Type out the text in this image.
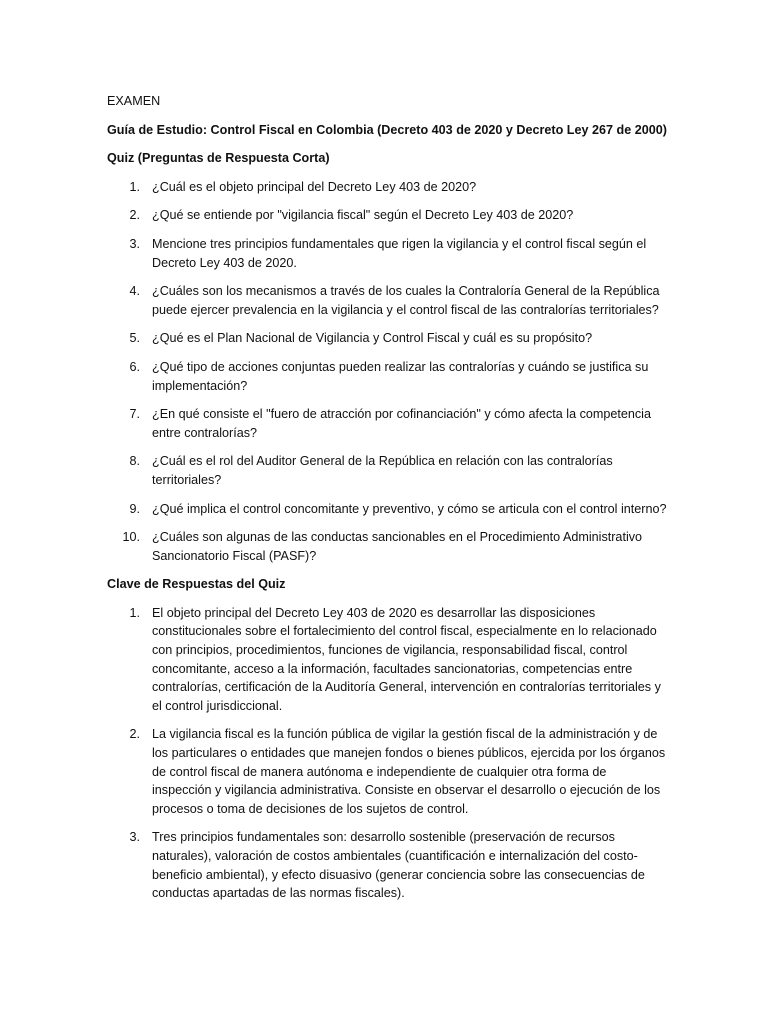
EXAMEN

Guía de Estudio: Control Fiscal en Colombia (Decreto 403 de 2020 y Decreto Ley 267 de 2000)

Quiz (Preguntas de Respuesta Corta)

1. ¿Cuál es el objeto principal del Decreto Ley 403 de 2020?
2. ¿Qué se entiende por "vigilancia fiscal" según el Decreto Ley 403 de 2020?
3. Mencione tres principios fundamentales que rigen la vigilancia y el control fiscal según el Decreto Ley 403 de 2020.
4. ¿Cuáles son los mecanismos a través de los cuales la Contraloría General de la República puede ejercer prevalencia en la vigilancia y el control fiscal de las contralorías territoriales?
5. ¿Qué es el Plan Nacional de Vigilancia y Control Fiscal y cuál es su propósito?
6. ¿Qué tipo de acciones conjuntas pueden realizar las contralorías y cuándo se justifica su implementación?
7. ¿En qué consiste el "fuero de atracción por cofinanciación" y cómo afecta la competencia entre contralorías?
8. ¿Cuál es el rol del Auditor General de la República en relación con las contralorías territoriales?
9. ¿Qué implica el control concomitante y preventivo, y cómo se articula con el control interno?
10. ¿Cuáles son algunas de las conductas sancionables en el Procedimiento Administrativo Sancionatorio Fiscal (PASF)?

Clave de Respuestas del Quiz

1. El objeto principal del Decreto Ley 403 de 2020 es desarrollar las disposiciones constitucionales sobre el fortalecimiento del control fiscal, especialmente en lo relacionado con principios, procedimientos, funciones de vigilancia, responsabilidad fiscal, control concomitante, acceso a la información, facultades sancionatorias, competencias entre contralorías, certificación de la Auditoría General, intervención en contralorías territoriales y el control jurisdiccional.
2. La vigilancia fiscal es la función pública de vigilar la gestión fiscal de la administración y de los particulares o entidades que manejen fondos o bienes públicos, ejercida por los órganos de control fiscal de manera autónoma e independiente de cualquier otra forma de inspección y vigilancia administrativa. Consiste en observar el desarrollo o ejecución de los procesos o toma de decisiones de los sujetos de control.
3. Tres principios fundamentales son: desarrollo sostenible (preservación de recursos naturales), valoración de costos ambientales (cuantificación e internalización del costo-beneficio ambiental), y efecto disuasivo (generar conciencia sobre las consecuencias de conductas apartadas de las normas fiscales).
